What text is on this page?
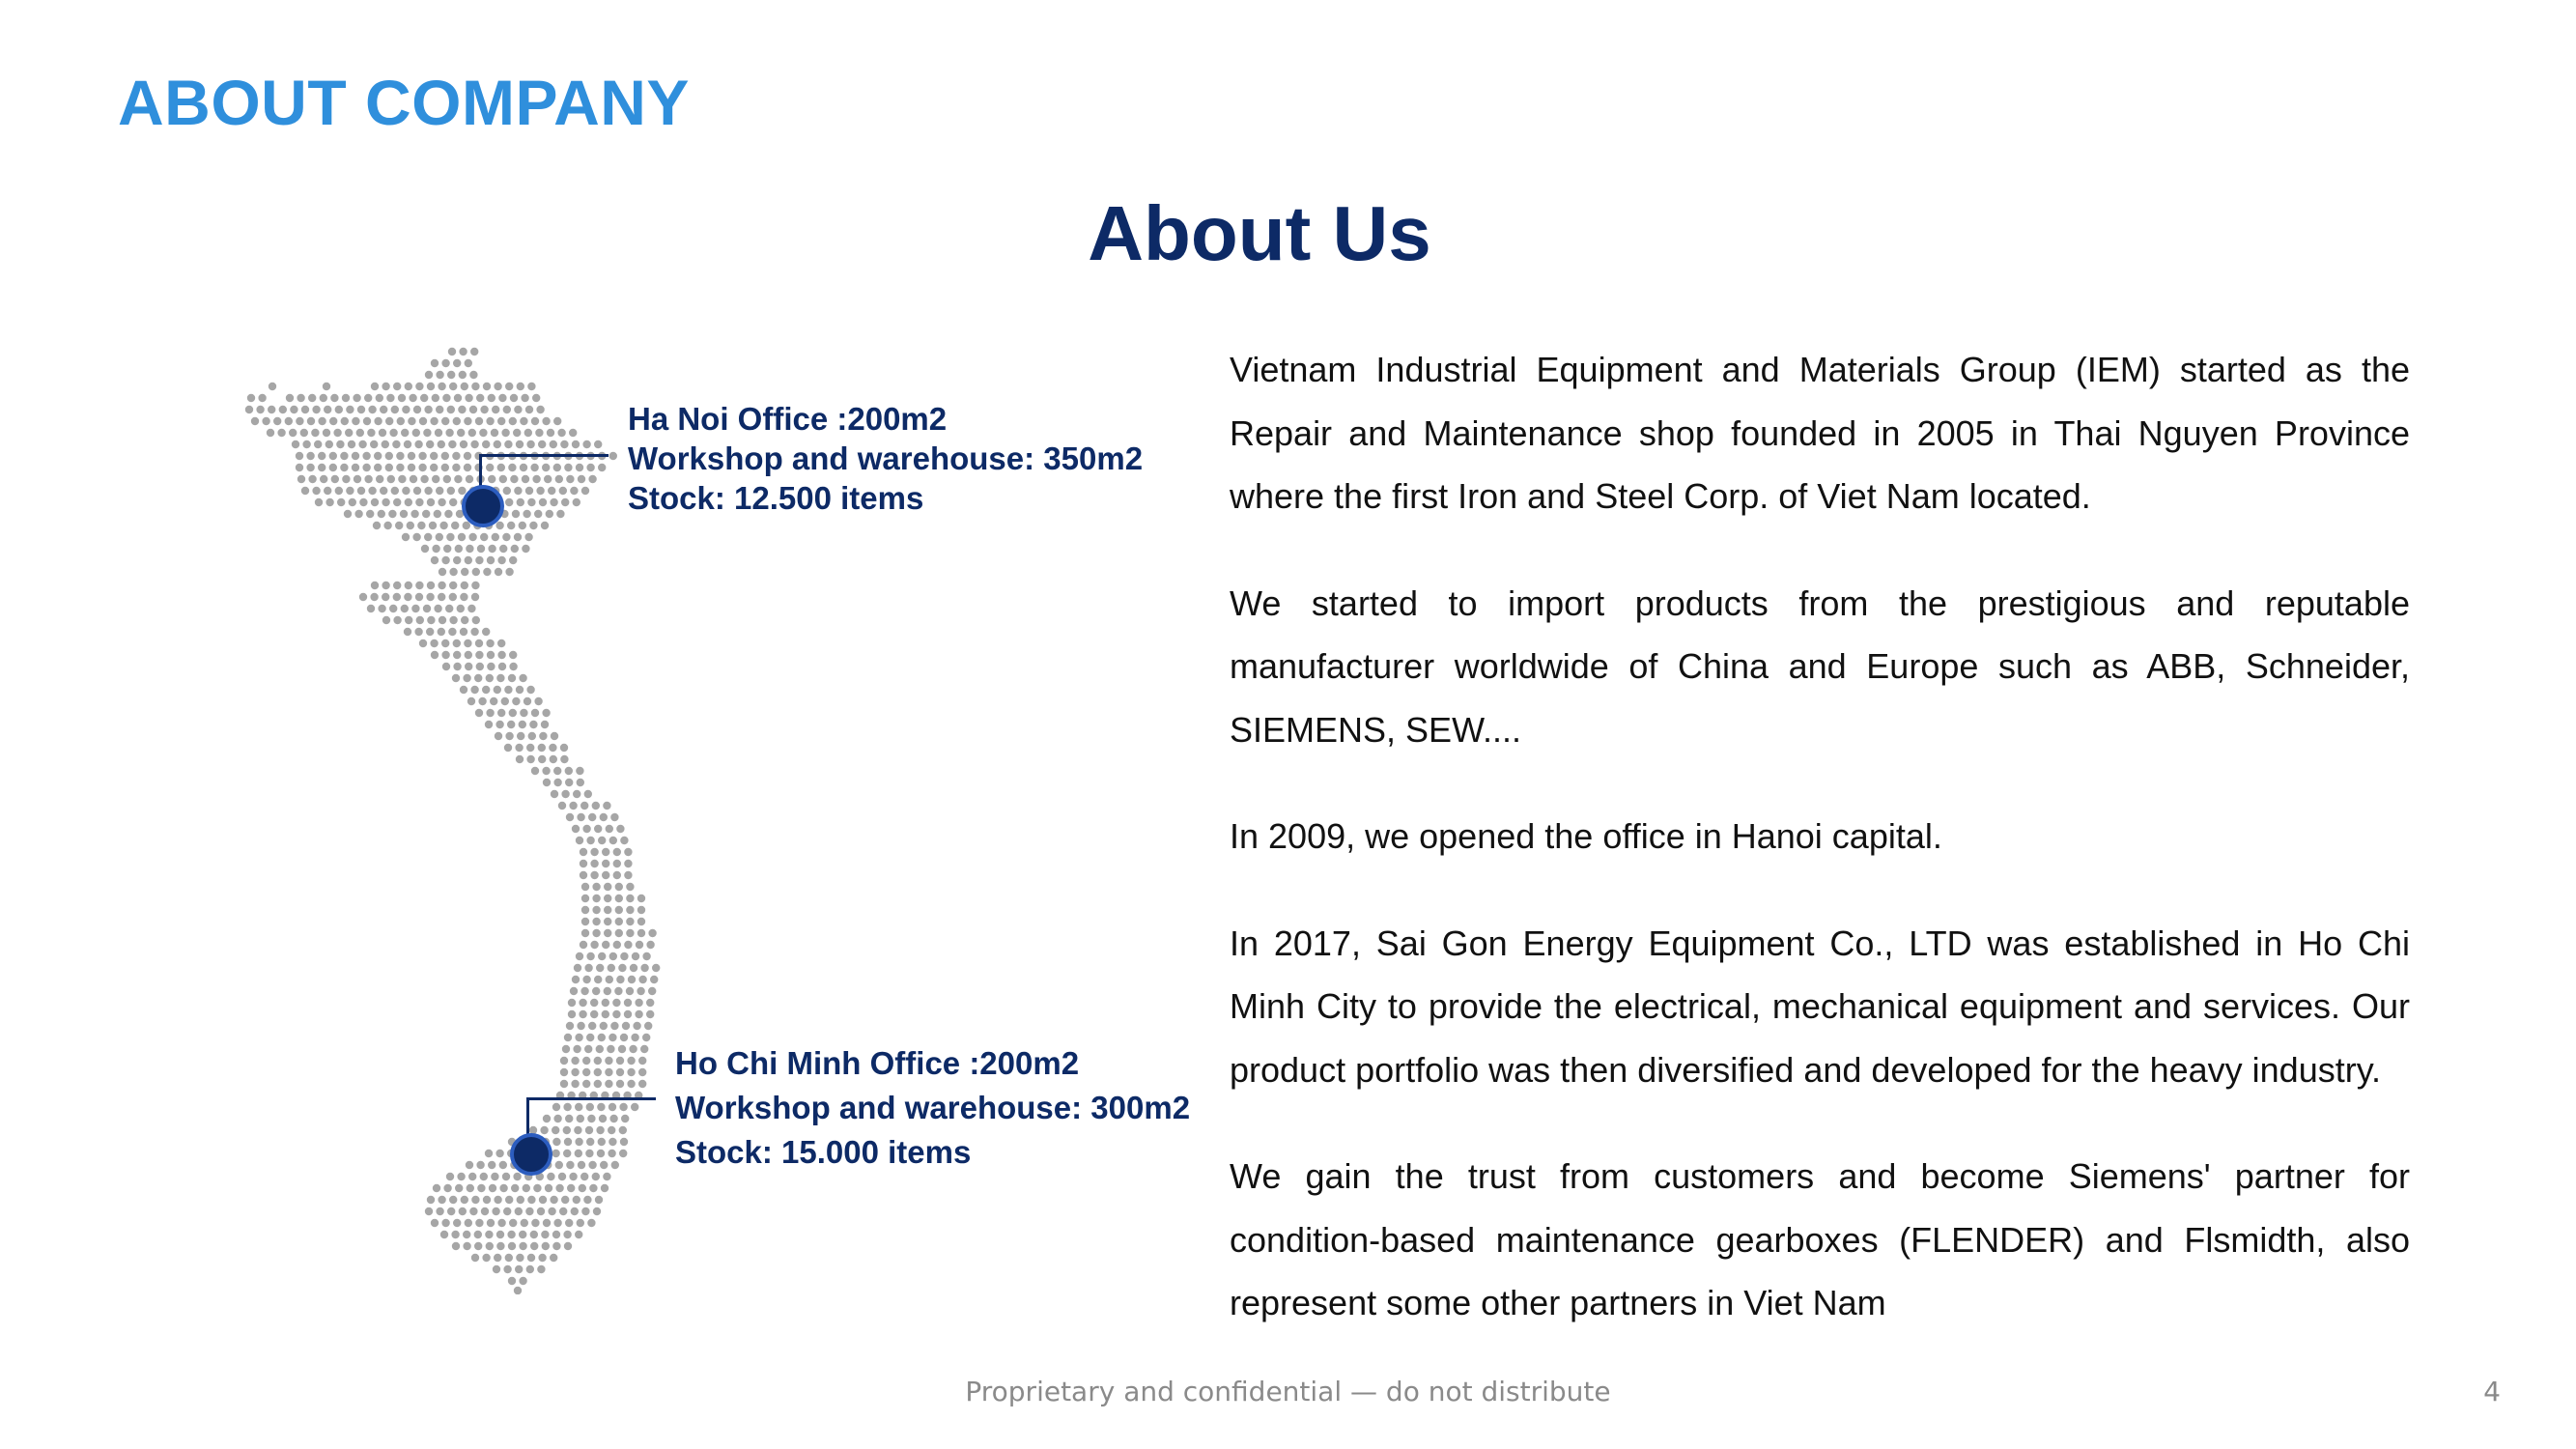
ABOUT COMPANY
About Us
Ha Noi Office :200m2
Workshop and warehouse: 350m2
Stock: 12.500 items
Ho Chi Minh Office :200m2
Workshop and warehouse: 300m2
Stock: 15.000 items

Vietnam Industrial Equipment and Materials Group (IEM) started as the Repair and Maintenance shop founded in 2005 in Thai Nguyen Province where the first Iron and Steel Corp. of Viet Nam located.

We started to import products from the prestigious and reputable manufacturer worldwide of China and Europe such as ABB, Schneider, SIEMENS, SEW....

In 2009, we opened the office in Hanoi capital.

In 2017, Sai Gon Energy Equipment Co., LTD was established in Ho Chi Minh City to provide the electrical, mechanical equipment and services. Our product portfolio was then diversified and developed for the heavy industry.

We gain the trust from customers and become Siemens' partner for condition-based maintenance gearboxes (FLENDER) and Flsmidth, also represent some other partners in Viet Nam

Proprietary and confidential — do not distribute	4
